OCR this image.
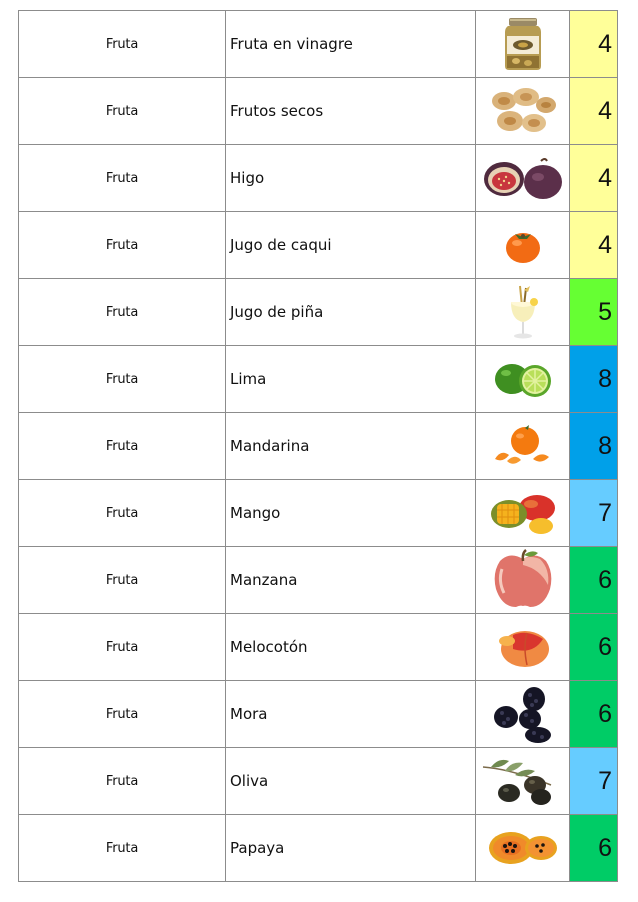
Fruta	Fruta en vinagre		4

Fruta	Frutos secos		4

Fruta	Higo		4

Fruta	Jugo de caqui		4

Fruta	Jugo de piña		5

Fruta	Lima		8

Fruta	Mandarina		8

Fruta	Mango		7

Fruta	Manzana		6

Fruta	Melocotón		6

Fruta	Mora		6

Fruta	Oliva		7

Fruta	Papaya		6
